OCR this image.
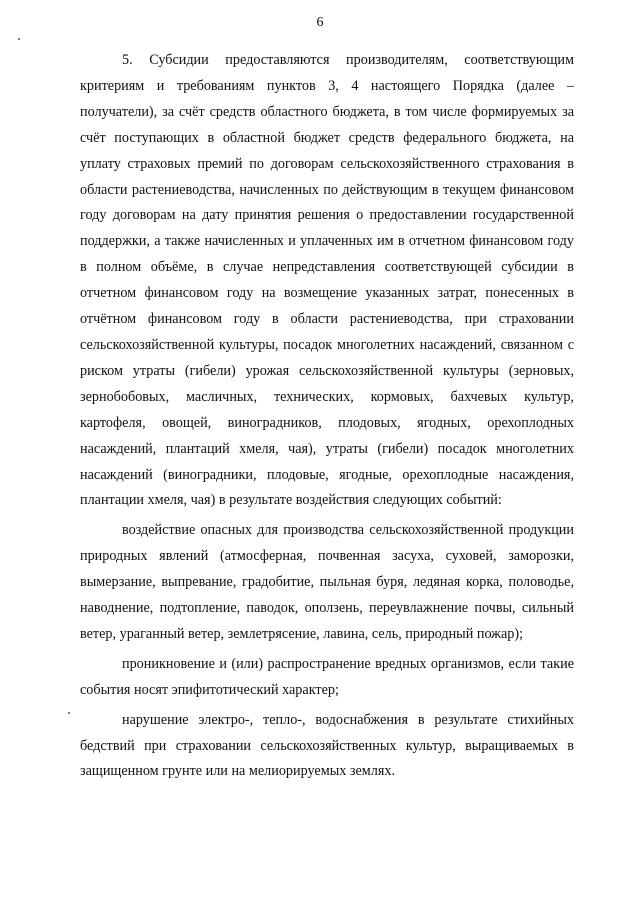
6

5. Субсидии предоставляются производителям, соответствующим критериям и требованиям пунктов 3, 4 настоящего Порядка (далее – получатели), за счёт средств областного бюджета, в том числе формируемых за счёт поступающих в областной бюджет средств федерального бюджета, на уплату страховых премий по договорам сельскохозяйственного страхования в области растениеводства, начисленных по действующим в текущем финансовом году договорам на дату принятия решения о предоставлении государственной поддержки, а также начисленных и уплаченных им в отчетном финансовом году в полном объёме, в случае непредставления соответствующей субсидии в отчетном финансовом году на возмещение указанных затрат, понесенных в отчётном финансовом году в области растениеводства, при страховании сельскохозяйственной культуры, посадок многолетних насаждений, связанном с риском утраты (гибели) урожая сельскохозяйственной культуры (зерновых, зернобобовых, масличных, технических, кормовых, бахчевых культур, картофеля, овощей, виноградников, плодовых, ягодных, орехоплодных насаждений, плантаций хмеля, чая), утраты (гибели) посадок многолетних насаждений (виноградники, плодовые, ягодные, орехоплодные насаждения, плантации хмеля, чая) в результате воздействия следующих событий:

воздействие опасных для производства сельскохозяйственной продукции природных явлений (атмосферная, почвенная засуха, суховей, заморозки, вымерзание, выпревание, градобитие, пыльная буря, ледяная корка, половодье, наводнение, подтопление, паводок, оползень, переувлажнение почвы, сильный ветер, ураганный ветер, землетрясение, лавина, сель, природный пожар);

проникновение и (или) распространение вредных организмов, если такие события носят эпифитотический характер;

нарушение электро-, тепло-, водоснабжения в результате стихийных бедствий при страховании сельскохозяйственных культур, выращиваемых в защищенном грунте или на мелиорируемых землях.
